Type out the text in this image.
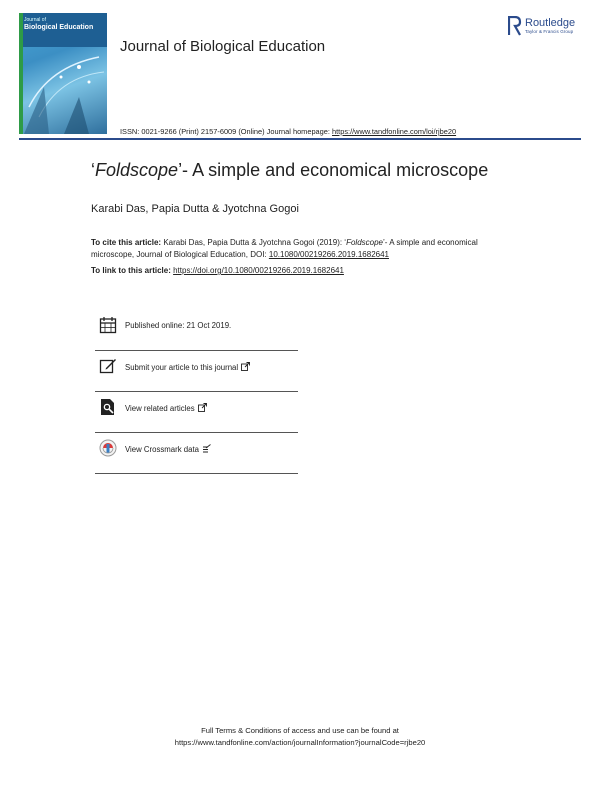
Journal of
Biological Education
Journal of Biological Education
Routledge
Taylor & Francis Group
ISSN: 0021-9266 (Print) 2157-6009 (Online) Journal homepage: https://www.tandfonline.com/loi/rjbe20
‘Foldscope’- A simple and economical microscope
Karabi Das, Papia Dutta & Jyotchna Gogoi
To cite this article: Karabi Das, Papia Dutta & Jyotchna Gogoi (2019): ‘Foldscope’- A simple and economical microscope, Journal of Biological Education, DOI: 10.1080/00219266.2019.1682641
To link to this article: https://doi.org/10.1080/00219266.2019.1682641
Published online: 21 Oct 2019.
Submit your article to this journal
View related articles
View Crossmark data
Full Terms & Conditions of access and use can be found at
https://www.tandfonline.com/action/journalInformation?journalCode=rjbe20
